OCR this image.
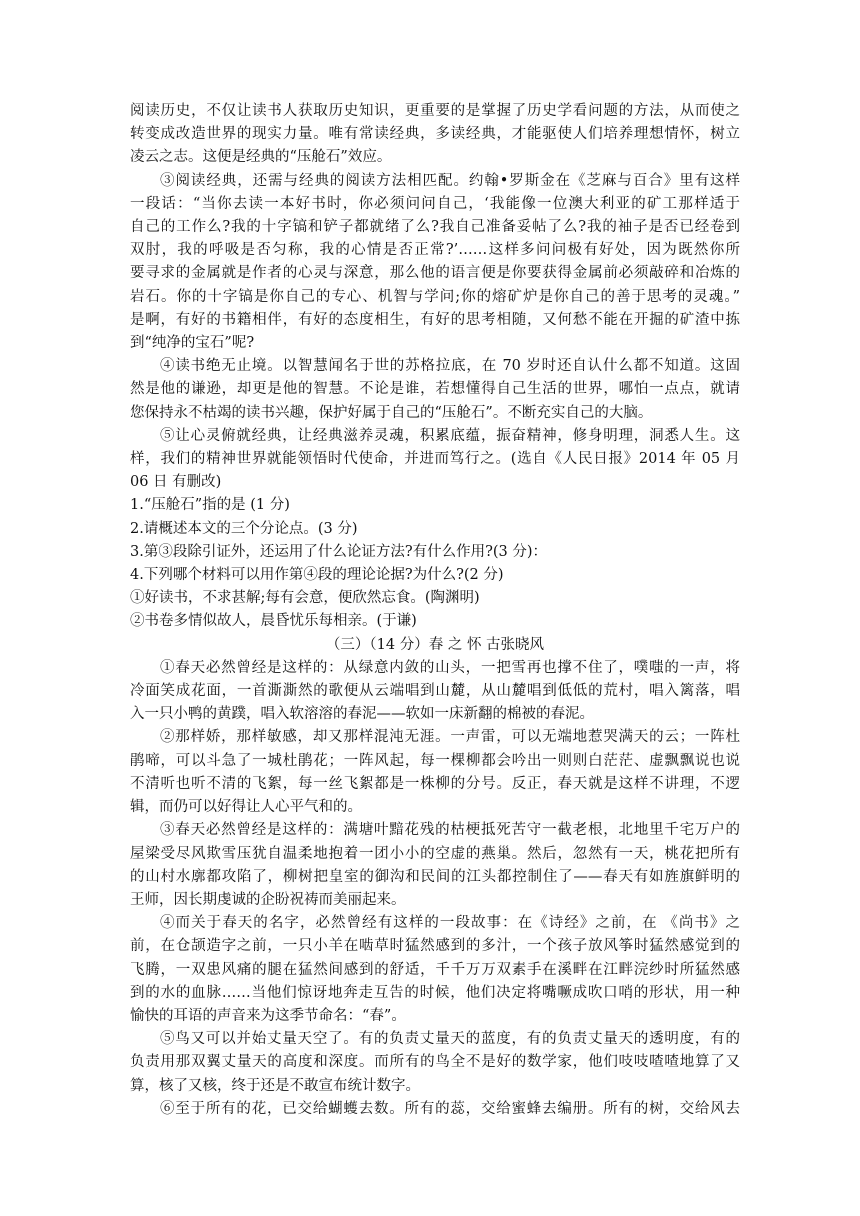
阅读历史，不仅让读书人获取历史知识，更重要的是掌握了历史学看问题的方法，从而使之
转变成改造世界的现实力量。唯有常读经典，多读经典，才能驱使人们培养理想情怀，树立
凌云之志。这便是经典的“压舱石”效应。
③阅读经典，还需与经典的阅读方法相匹配。约翰•罗斯金在《芝麻与百合》里有这样
一段话：“当你去读一本好书时，你必须问问自己，‘我能像一位澳大利亚的矿工那样适于
自己的工作么?我的十字镐和铲子都就绪了么?我自己准备妥帖了么?我的袖子是否已经卷到
双肘，我的呼吸是否匀称，我的心情是否正常?’……这样多问问极有好处，因为既然你所
要寻求的金属就是作者的心灵与深意，那么他的语言便是你要获得金属前必须敲碎和冶炼的
岩石。你的十字镐是你自己的专心、机智与学问;你的熔矿炉是你自己的善于思考的灵魂。”
是啊，有好的书籍相伴，有好的态度相生，有好的思考相随，又何愁不能在开掘的矿渣中拣
到“纯净的宝石”呢?
④读书绝无止境。以智慧闻名于世的苏格拉底，在 70 岁时还自认什么都不知道。这固
然是他的谦逊，却更是他的智慧。不论是谁，若想懂得自己生活的世界，哪怕一点点，就请
您保持永不枯竭的读书兴趣，保护好属于自己的“压舱石”。不断充实自己的大脑。
⑤让心灵俯就经典，让经典滋养灵魂，积累底蕴，振奋精神，修身明理，洞悉人生。这
样，我们的精神世界就能领悟时代使命，并进而笃行之。(选自《人民日报》2014 年 05 月
06 日 有删改)
1.“压舱石”指的是 (1 分)
2.请概述本文的三个分论点。(3 分)
3.第③段除引证外，还运用了什么论证方法?有什么作用?(3 分)：
4.下列哪个材料可以用作第④段的理论论据?为什么?(2 分)
①好读书，不求甚解;每有会意，便欣然忘食。(陶渊明)
②书卷多情似故人，晨昏忧乐每相亲。(于谦)
（三）（14 分）春 之 怀 古张晓风
①春天必然曾经是这样的：从绿意内敛的山头，一把雪再也撑不住了，噗嗤的一声，将
冷面笑成花面，一首澌澌然的歌便从云端唱到山麓，从山麓唱到低低的荒村，唱入篱落，唱
入一只小鸭的黄蹼，唱入软溶溶的春泥——软如一床新翻的棉被的春泥。
②那样娇，那样敏感，却又那样混沌无涯。一声雷，可以无端地惹哭满天的云；一阵杜
鹃啼，可以斗急了一城杜鹃花；一阵风起，每一棵柳都会吟出一则则白茫茫、虚飘飘说也说
不清听也听不清的飞絮，每一丝飞絮都是一株柳的分号。反正，春天就是这样不讲理，不逻
辑，而仍可以好得让人心平气和的。
③春天必然曾经是这样的：满塘叶黯花残的枯梗抵死苦守一截老根，北地里千宅万户的
屋梁受尽风欺雪压犹自温柔地抱着一团小小的空虚的燕巢。然后，忽然有一天，桃花把所有
的山村水廓都攻陷了，柳树把皇室的御沟和民间的江头都控制住了——春天有如旌旗鲜明的
王师，因长期虔诚的企盼祝祷而美丽起来。
④而关于春天的名字，必然曾经有这样的一段故事：在《诗经》之前，在 《尚书》之
前，在仓颉造字之前，一只小羊在啮草时猛然感到的多汁，一个孩子放风筝时猛然感觉到的
飞腾，一双患风痛的腿在猛然间感到的舒适，千千万万双素手在溪畔在江畔浣纱时所猛然感
到的水的血脉……当他们惊讶地奔走互告的时候，他们决定将嘴噘成吹口哨的形状，用一种
愉快的耳语的声音来为这季节命名：“春”。
⑤鸟又可以并始丈量天空了。有的负责丈量天的蓝度，有的负责丈量天的透明度，有的
负责用那双翼丈量天的高度和深度。而所有的鸟全不是好的数学家，他们吱吱喳喳地算了又
算，核了又核，终于还是不敢宣布统计数字。
⑥至于所有的花，已交给蝴蠖去数。所有的蕊，交给蜜蜂去编册。所有的树，交给风去
